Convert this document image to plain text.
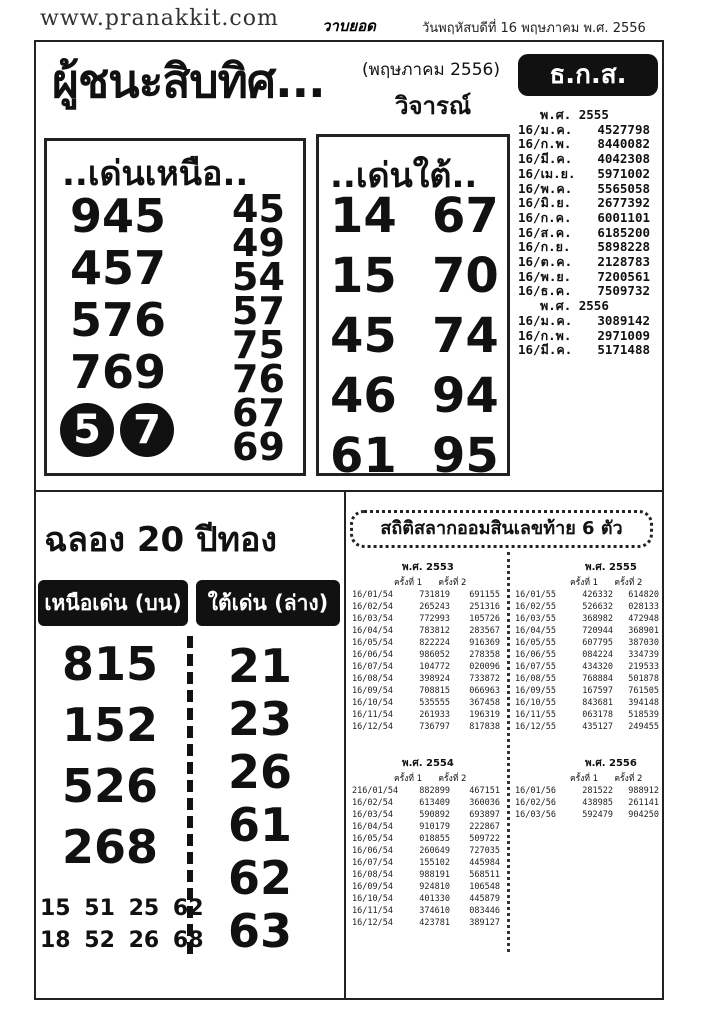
www.pranakkit.com	วาบยอด	วันพฤหัสบดีที่ 16 พฤษภาคม พ.ศ. 2556
ผู้ชนะสิบทิศ... (พฤษภาคม 2556)
วิจารณ์
ธ.ก.ส.
..เด่นเหนือ..
945
457
576
769
5 7
45
49
54
57
75
76
67
69
..เด่นใต้..
14
15
45
46
61
67
70
74
94
95
พ.ศ. 2555
16/ม.ค.	4527798
16/ก.พ.	8440082
16/มี.ค.	4042308
16/เม.ย.	5971002
16/พ.ค.	5565058
16/มิ.ย.	2677392
16/ก.ค.	6001101
16/ส.ค.	6185200
16/ก.ย.	5898228
16/ต.ค.	2128783
16/พ.ย.	7200561
16/ธ.ค.	7509732
พ.ศ. 2556
16/ม.ค.	3089142
16/ก.พ.	2971009
16/มี.ค.	5171488
ฉลอง 20 ปีทอง
เหนือเด่น (บน)	ใต้เด่น (ล่าง)
815
152
526
268
21
23
26
61
62
63
15 51 25 62
18 52 26 68
สถิติสลากออมสินเลขท้าย 6 ตัว
พ.ศ. 2553
ครั้งที่ 1 ครั้งที่ 2
16/01/54	731819	691155
16/02/54	265243	251316
16/03/54	772993	105726
16/04/54	783812	283567
16/05/54	822224	916369
16/06/54	986052	278358
16/07/54	104772	020096
16/08/54	398924	733872
16/09/54	708815	066963
16/10/54	535555	367458
16/11/54	261933	196319
16/12/54	736797	817838
พ.ศ. 2554
ครั้งที่ 1 ครั้งที่ 2
216/01/54	882899	467151
16/02/54	613409	360036
16/03/54	590892	693897
16/04/54	910179	222867
16/05/54	018855	509722
16/06/54	260649	727035
16/07/54	155102	445984
16/08/54	988191	568511
16/09/54	924810	106548
16/10/54	401330	445879
16/11/54	374610	083446
16/12/54	423781	389127
พ.ศ. 2555
ครั้งที่ 1 ครั้งที่ 2
16/01/55	426332	614820
16/02/55	526632	028133
16/03/55	368982	472948
16/04/55	720944	368901
16/05/55	607795	387030
16/06/55	084224	334739
16/07/55	434320	219533
16/08/55	768884	501878
16/09/55	167597	761505
16/10/55	843681	394148
16/11/55	063178	518539
16/12/55	435127	249455
พ.ศ. 2556
ครั้งที่ 1 ครั้งที่ 2
16/01/56	281522	988912
16/02/56	438985	261141
16/03/56	592479	904250
